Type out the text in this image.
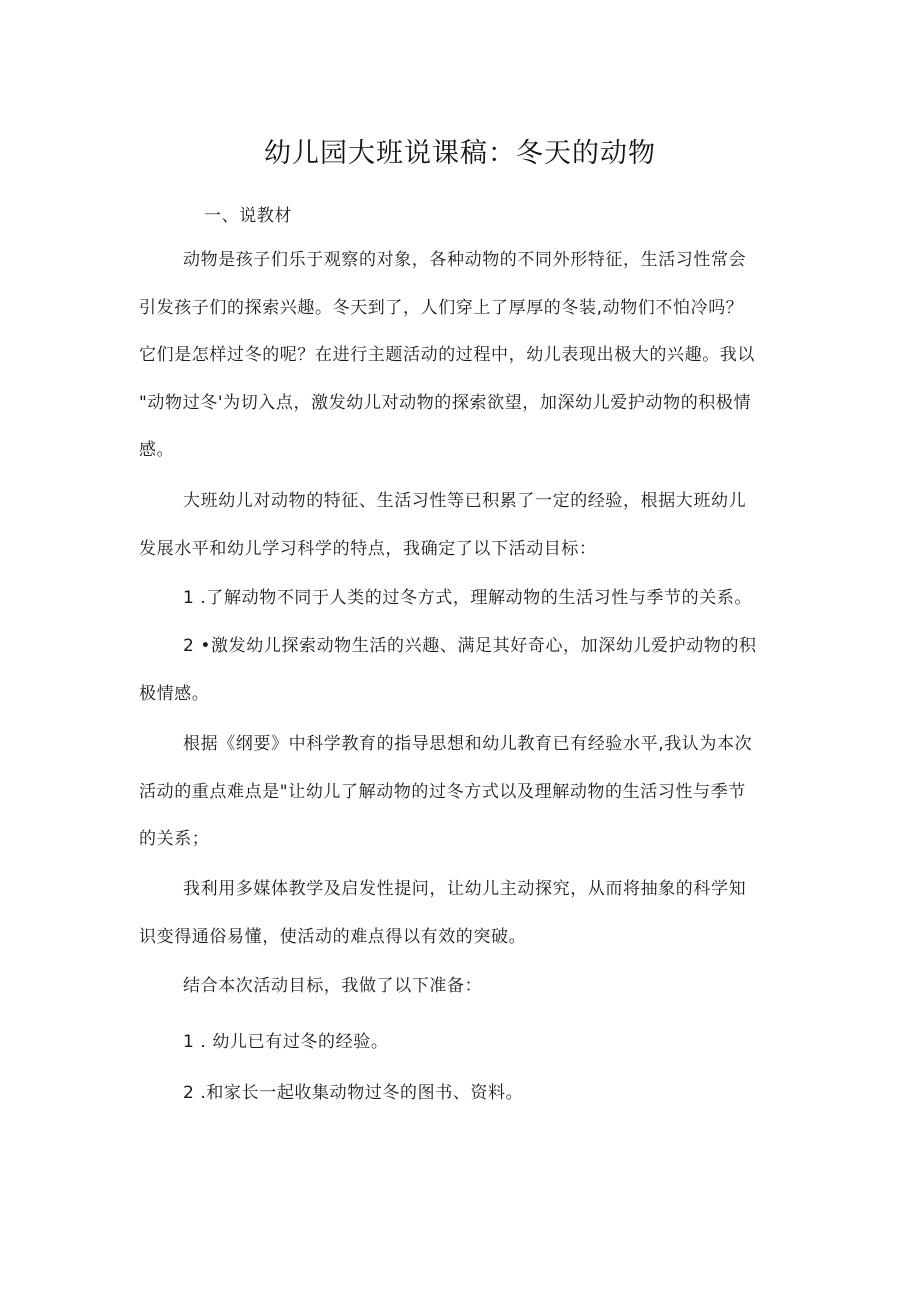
幼儿园大班说课稿：冬天的动物
一、说教材
动物是孩子们乐于观察的对象，各种动物的不同外形特征，生活习性常会
引发孩子们的探索兴趣。冬天到了，人们穿上了厚厚的冬装,动物们不怕冷吗？
它们是怎样过冬的呢？在进行主题活动的过程中，幼儿表现出极大的兴趣。我以
"动物过冬'为切入点，激发幼儿对动物的探索欲望，加深幼儿爱护动物的积极情
感。
大班幼儿对动物的特征、生活习性等已积累了一定的经验，根据大班幼儿
发展水平和幼儿学习科学的特点，我确定了以下活动目标：
1 .了解动物不同于人类的过冬方式，理解动物的生活习性与季节的关系。
2 •激发幼儿探索动物生活的兴趣、满足其好奇心，加深幼儿爱护动物的积
极情感。
根据《纲要》中科学教育的指导思想和幼儿教育已有经验水平,我认为本次
活动的重点难点是"让幼儿了解动物的过冬方式以及理解动物的生活习性与季节
的关系；
我利用多媒体教学及启发性提问，让幼儿主动探究，从而将抽象的科学知
识变得通俗易懂，使活动的难点得以有效的突破。
结合本次活动目标，我做了以下准备：
1 . 幼儿已有过冬的经验。
2 .和家长一起收集动物过冬的图书、资料。
